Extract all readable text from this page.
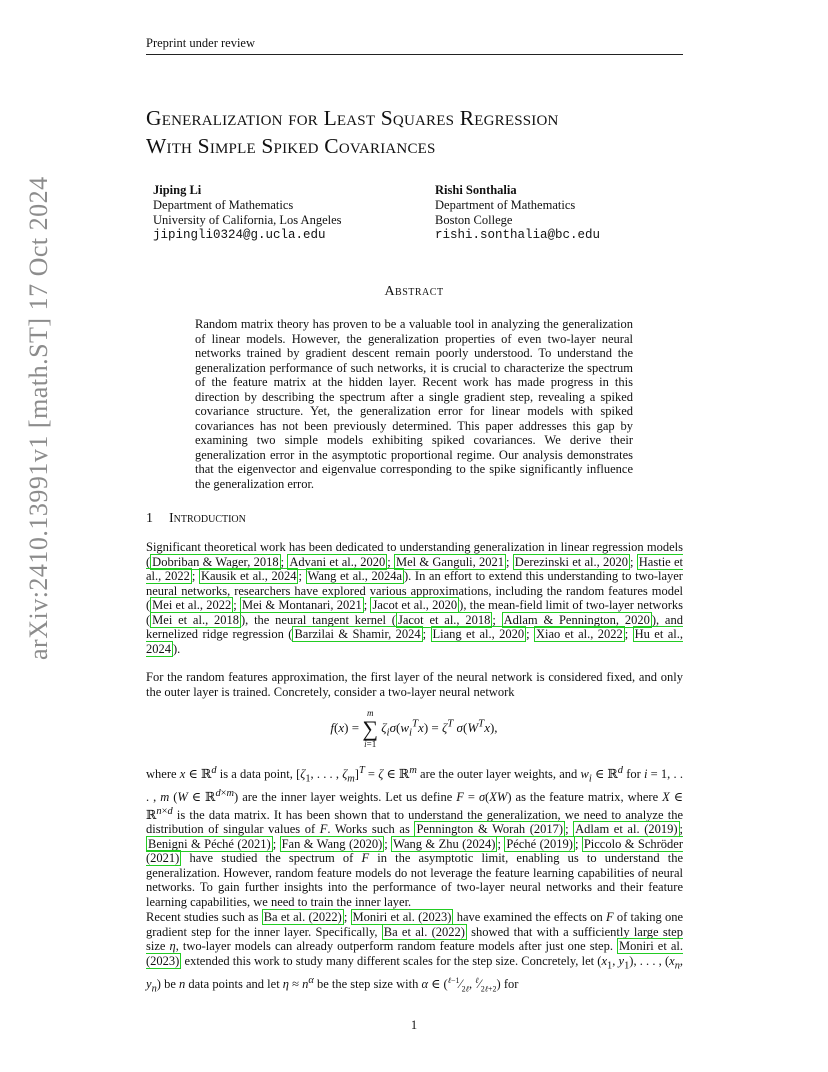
Preprint under review
Generalization for Least Squares Regression
With Simple Spiked Covariances
Jiping Li
Department of Mathematics
University of California, Los Angeles
jipingli0324@g.ucla.edu
Rishi Sonthalia
Department of Mathematics
Boston College
rishi.sonthalia@bc.edu
arXiv:2410.13991v1 [math.ST] 17 Oct 2024	Abstract
Random matrix theory has proven to be a valuable tool in analyzing the generalization of linear models. However, the generalization properties of even two-layer neural networks trained by gradient descent remain poorly understood. To understand the generalization performance of such networks, it is crucial to characterize the spectrum of the feature matrix at the hidden layer. Recent work has made progress in this direction by describing the spectrum after a single gradient step, revealing a spiked covariance structure. Yet, the generalization error for linear models with spiked covariances has not been previously determined. This paper addresses this gap by examining two simple models exhibiting spiked covariances. We derive their generalization error in the asymptotic proportional regime. Our analysis demonstrates that the eigenvector and eigenvalue corresponding to the spike significantly influence the generalization error.
1 Introduction
Significant theoretical work has been dedicated to understanding generalization in linear regression models ( Dobriban & Wager, 2018 ; Advani et al., 2020 ; Mel & Ganguli, 2021 ; Derezinski et al., 2020 ; Hastie et al., 2022 ; Kausik et al., 2024 ; Wang et al., 2024a ). In an effort to extend this understanding to two-layer neural networks, researchers have explored various approximations, including the random features model ( Mei et al., 2022 ; Mei & Montanari, 2021 ; Jacot et al., 2020 ), the mean-field limit of two-layer networks ( Mei et al., 2018 ), the neural tangent kernel ( Jacot et al., 2018 ; Adlam & Pennington, 2020 ), and kernelized ridge regression ( Barzilai & Shamir, 2024 ; Liang et al., 2020 ; Xiao et al., 2022 ; Hu et al., 2024 ).
For the random features approximation, the first layer of the neural network is considered fixed, and only the outer layer is trained. Concretely, consider a two-layer neural network
f(x) =
m
∑
i=1
$\zeta_i\sigma(w_i^Tx) = \zeta^T$ $\sigma(W^Tx)$,
where x ∈ ℝ$^d$ is a data point, [$\zeta_1$, . . . , $\zeta_m]^T = \zeta$ ∈ ℝ$^m$ are the outer layer weights, and $w_i$ ∈ ℝ$^d$ for i = 1, . . . , m (W ∈ ℝ$^{d\times m}$) are the inner layer weights. Let us define F = σ(XW) as the feature matrix, where X ∈ ℝ$^{n\times d}$ is the data matrix. It has been shown that to understand the generalization, we need to analyze the distribution of singular values of F. Works such as Pennington & Worah (2017) ; Adlam et al. (2019) ; Benigni & Péché (2021) ; Fan & Wang (2020) ; Wang & Zhu (2024) ; Péché (2019) ; Piccolo & Schröder (2021) have studied the spectrum of F in the asymptotic limit, enabling us to understand the generalization. However, random feature models do not leverage the feature learning capabilities of neural networks. To gain further insights into the performance of two-layer neural networks and their feature learning capabilities, we need to train the inner layer.
Recent studies such as Ba et al. (2022) ; Moniri et al. (2023) have examined the effects on F of taking one gradient step for the inner layer. Specifically, Ba et al. (2022) showed that with a sufficiently large step size η, two-layer models can already outperform random feature models after just one step. Moniri et al. (2023) extended this work to study many different scales for the step size. Concretely, let ($x_1$, $y_1$), . . . , ($x_n$, $y_n$) be n data points and let $\eta \approx n^\alpha$ be the step size with α ∈ ($^{\ell-1}⁄_{2\ell}$, $^\ell⁄_{2\ell+2}$) for
1
